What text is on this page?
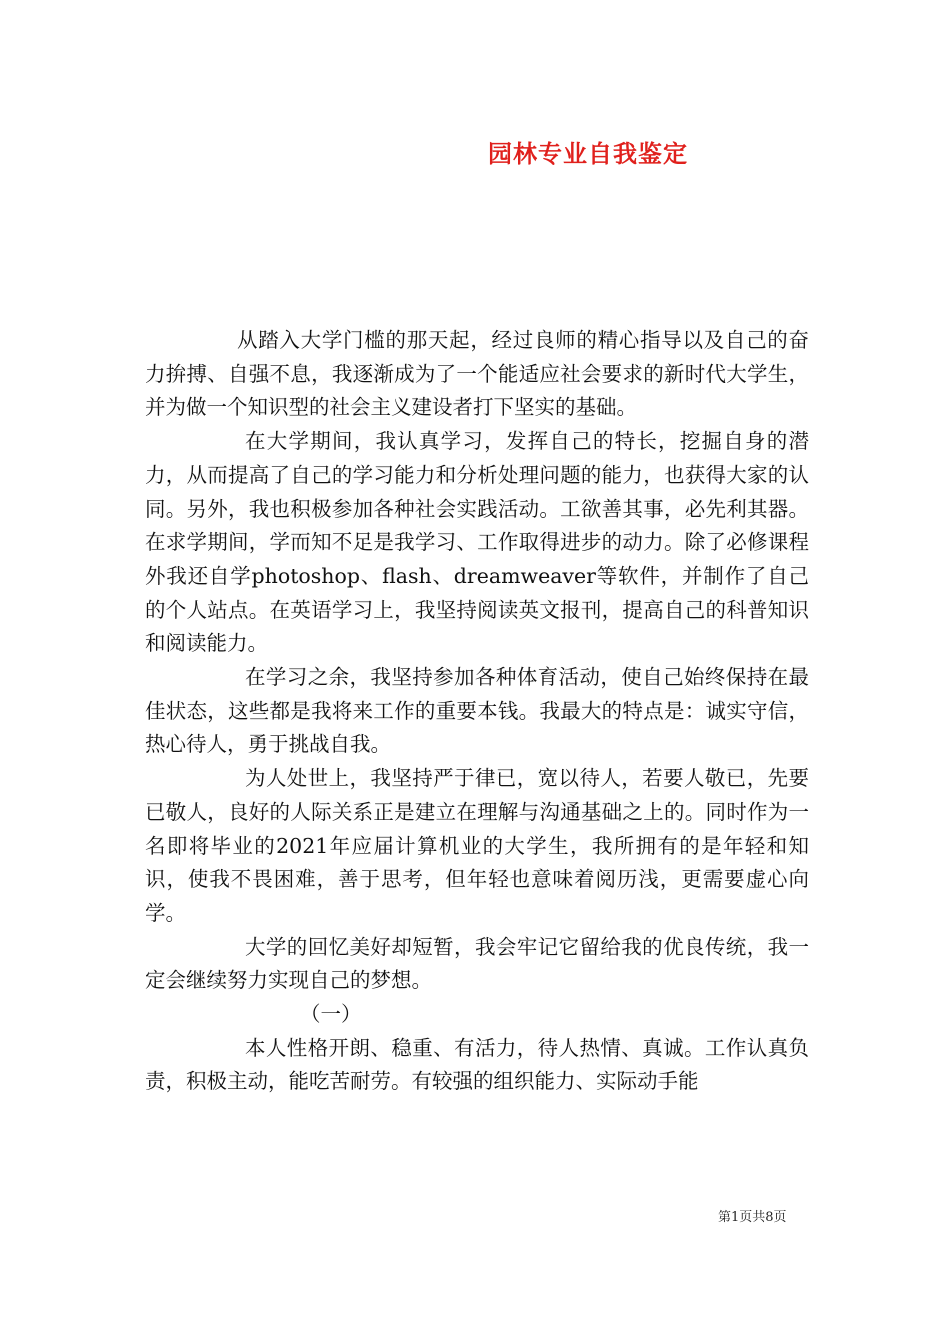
园林专业自我鉴定

从踏入大学门槛的那天起，经过良师的精心指导以及自己的奋力拚搏、自强不息，我逐渐成为了一个能适应社会要求的新时代大学生，并为做一个知识型的社会主义建设者打下坚实的基础。

在大学期间，我认真学习，发挥自己的特长，挖掘自身的潜力，从而提高了自己的学习能力和分析处理问题的能力，也获得大家的认同。另外，我也积极参加各种社会实践活动。工欲善其事，必先利其器。在求学期间，学而知不足是我学习、工作取得进步的动力。除了必修课程外我还自学photoshop、flash、dreamweaver等软件，并制作了自己的个人站点。在英语学习上，我坚持阅读英文报刊，提高自己的科普知识和阅读能力。

在学习之余，我坚持参加各种体育活动，使自己始终保持在最佳状态，这些都是我将来工作的重要本钱。我最大的特点是：诚实守信，热心待人，勇于挑战自我。

为人处世上，我坚持严于律已，宽以待人，若要人敬已，先要已敬人，良好的人际关系正是建立在理解与沟通基础之上的。同时作为一名即将毕业的2021年应届计算机业的大学生，我所拥有的是年轻和知识，使我不畏困难，善于思考，但年轻也意味着阅历浅，更需要虚心向学。

大学的回忆美好却短暂，我会牢记它留给我的优良传统，我一定会继续努力实现自己的梦想。

（一）

本人性格开朗、稳重、有活力，待人热情、真诚。工作认真负责，积极主动，能吃苦耐劳。有较强的组织能力、实际动手能

第1页共8页
